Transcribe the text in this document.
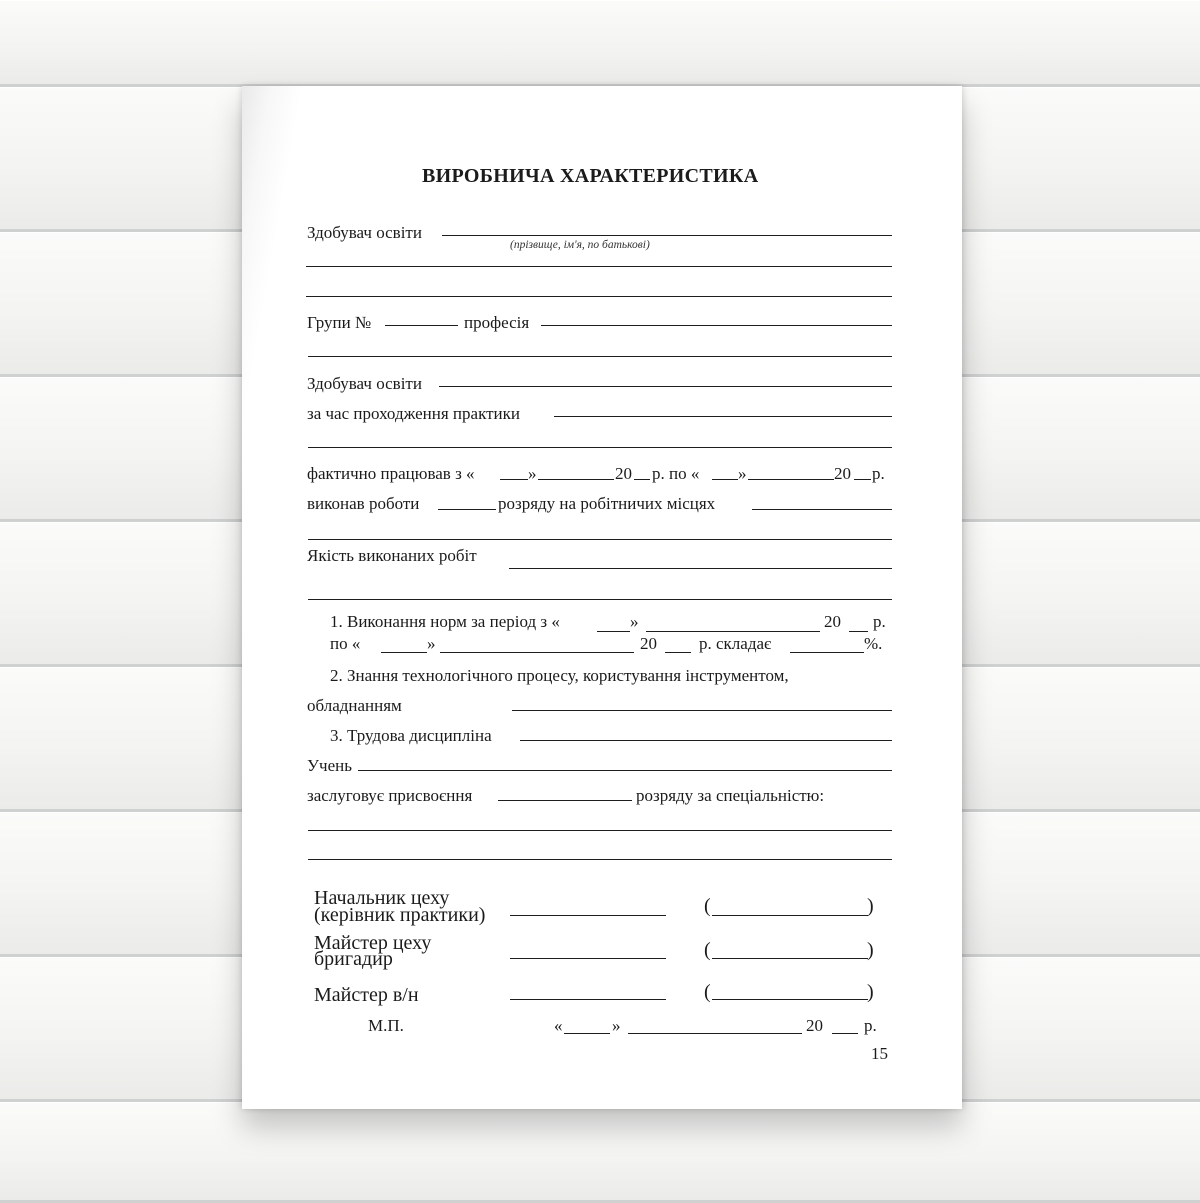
ВИРОБНИЧА ХАРАКТЕРИСТИКА
Здобувач освіти
(прізвище, ім'я, по батькові)
Групи №	професія
Здобувач освіти
за час проходження практики
фактично працював з «	»	20 р. по « »	20 р.
виконав роботи	розряду на робітничих місцях
Якість виконаних робіт
1. Виконання норм за період з «	»	20 р.
по «	»	20 р. складає	%.
2. Знання технологічного процесу, користування інструментом,
обладнанням
3. Трудова дисципліна
Учень
заслуговує присвоєння	розряду за спеціальністю:
Начальник цеху
(керівник практики)	(	)
Майстер цеху
бригадир	(	)
Майстер в/н	(	)
М.П.	«	»	20 р.
15
